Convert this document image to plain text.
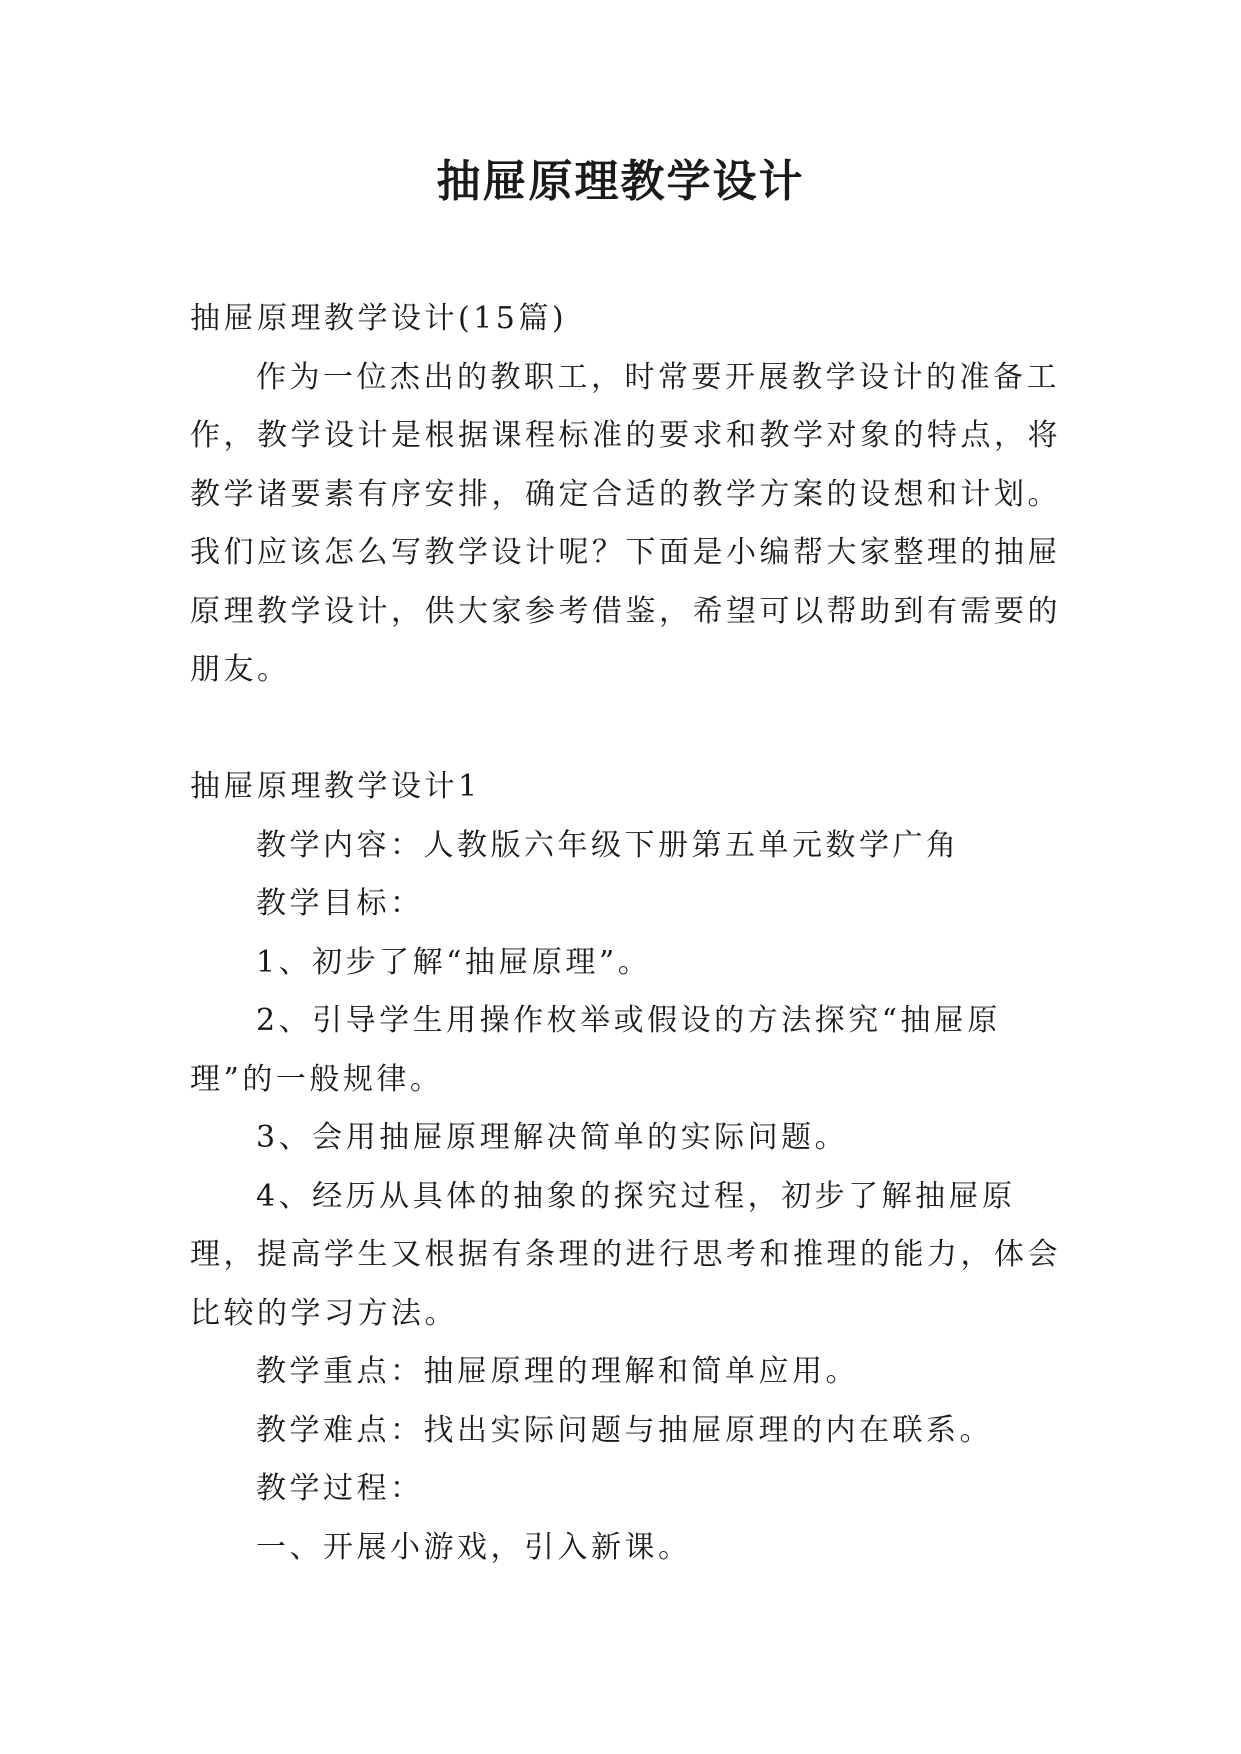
抽屉原理教学设计

抽屉原理教学设计(15篇)

作为一位杰出的教职工，时常要开展教学设计的准备工作，教学设计是根据课程标准的要求和教学对象的特点，将教学诸要素有序安排，确定合适的教学方案的设想和计划。我们应该怎么写教学设计呢？下面是小编帮大家整理的抽屉原理教学设计，供大家参考借鉴，希望可以帮助到有需要的朋友。

抽屉原理教学设计1

教学内容：人教版六年级下册第五单元数学广角

教学目标：

1、初步了解“抽屉原理”。

2、引导学生用操作枚举或假设的方法探究“抽屉原理”的一般规律。

3、会用抽屉原理解决简单的实际问题。

4、经历从具体的抽象的探究过程，初步了解抽屉原理，提高学生又根据有条理的进行思考和推理的能力，体会比较的学习方法。

教学重点：抽屉原理的理解和简单应用。

教学难点：找出实际问题与抽屉原理的内在联系。

教学过程：

一、开展小游戏，引入新课。
